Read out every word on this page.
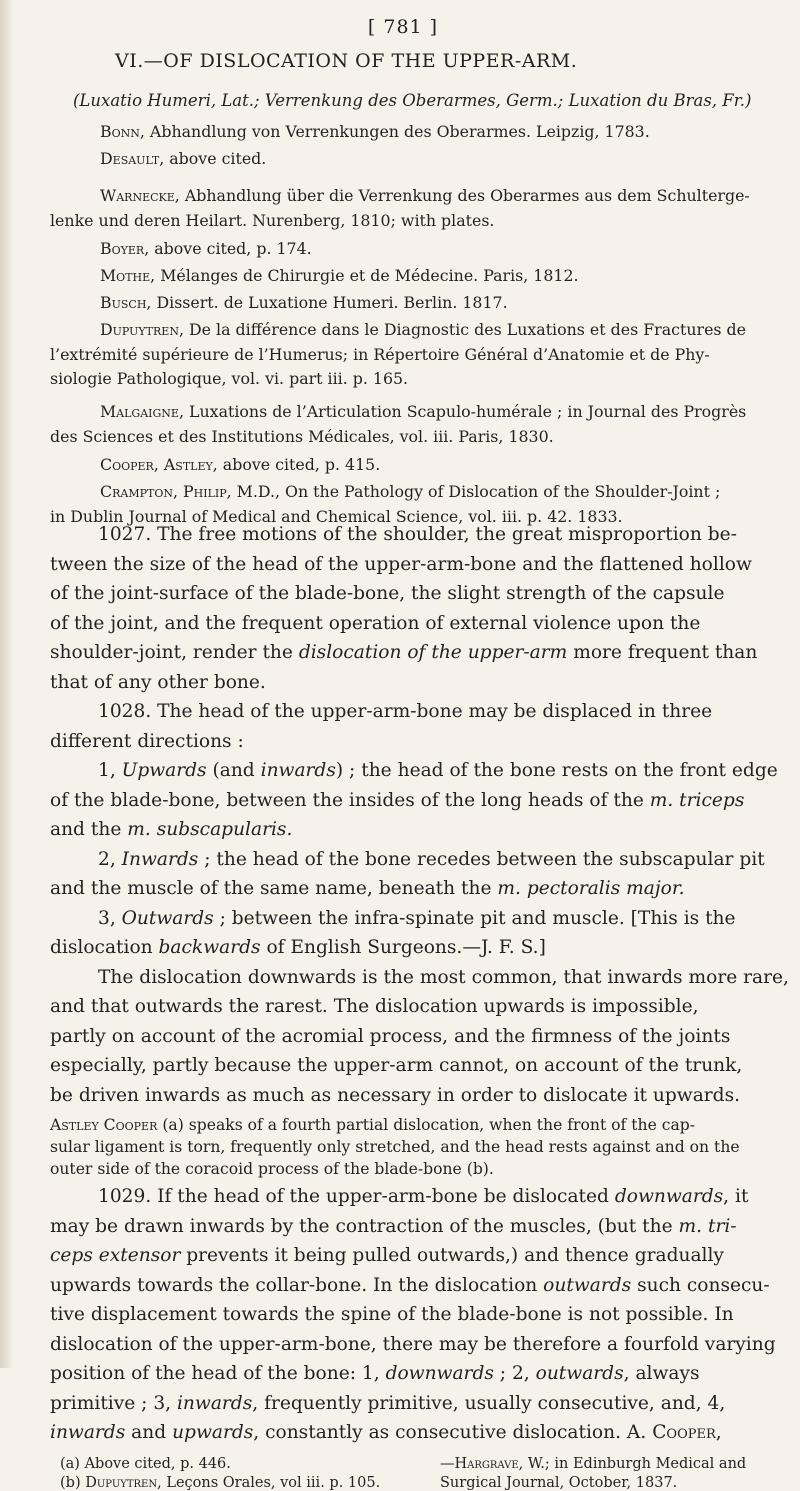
[ 781 ]
VI.—OF DISLOCATION OF THE UPPER-ARM.
(Luxatio Humeri, Lat.; Verrenkung des Oberarmes, Germ.; Luxation du Bras, Fr.)
Bonn, Abhandlung von Verrenkungen des Oberarmes. Leipzig, 1783.
Desault, above cited.
Warnecke, Abhandlung über die Verrenkung des Oberarmes aus dem Schulterge-
lenke und deren Heilart. Nurenberg, 1810; with plates.
Boyer, above cited, p. 174.
Mothe, Mélanges de Chirurgie et de Médecine. Paris, 1812.
Busch, Dissert. de Luxatione Humeri. Berlin. 1817.
Dupuytren, De la différence dans le Diagnostic des Luxations et des Fractures de
l’extrémité supérieure de l’Humerus; in Répertoire Général d’Anatomie et de Phy-
siologie Pathologique, vol. vi. part iii. p. 165.
Malgaigne, Luxations de l’Articulation Scapulo-humérale ; in Journal des Progrès
des Sciences et des Institutions Médicales, vol. iii. Paris, 1830.
Cooper, Astley, above cited, p. 415.
Crampton, Philip, M.D., On the Pathology of Dislocation of the Shoulder-Joint ;
in Dublin Journal of Medical and Chemical Science, vol. iii. p. 42. 1833.
1027. The free motions of the shoulder, the great misproportion be-
tween the size of the head of the upper-arm-bone and the flattened hollow
of the joint-surface of the blade-bone, the slight strength of the capsule
of the joint, and the frequent operation of external violence upon the
shoulder-joint, render the dislocation of the upper-arm more frequent than
that of any other bone.
1028. The head of the upper-arm-bone may be displaced in three
different directions :
1, Upwards (and inwards) ; the head of the bone rests on the front edge
of the blade-bone, between the insides of the long heads of the m. triceps
and the m. subscapularis.
2, Inwards ; the head of the bone recedes between the subscapular pit
and the muscle of the same name, beneath the m. pectoralis major.
3, Outwards ; between the infra-spinate pit and muscle. [This is the
dislocation backwards of English Surgeons.—J. F. S.]
The dislocation downwards is the most common, that inwards more rare,
and that outwards the rarest. The dislocation upwards is impossible,
partly on account of the acromial process, and the firmness of the joints
especially, partly because the upper-arm cannot, on account of the trunk,
be driven inwards as much as necessary in order to dislocate it upwards.
Astley Cooper (a) speaks of a fourth partial dislocation, when the front of the cap-
sular ligament is torn, frequently only stretched, and the head rests against and on the
outer side of the coracoid process of the blade-bone (b).
1029. If the head of the upper-arm-bone be dislocated downwards, it
may be drawn inwards by the contraction of the muscles, (but the m. tri-
ceps extensor prevents it being pulled outwards,) and thence gradually
upwards towards the collar-bone. In the dislocation outwards such consecu-
tive displacement towards the spine of the blade-bone is not possible. In
dislocation of the upper-arm-bone, there may be therefore a fourfold varying
position of the head of the bone: 1, downwards ; 2, outwards, always
primitive ; 3, inwards, frequently primitive, usually consecutive, and, 4,
inwards and upwards, constantly as consecutive dislocation. A. Cooper,
(a) Above cited, p. 446.
(b) Dupuytren, Leçons Orales, vol iii. p. 105.
—Hargrave, W.; in Edinburgh Medical and
Surgical Journal, October, 1837.
